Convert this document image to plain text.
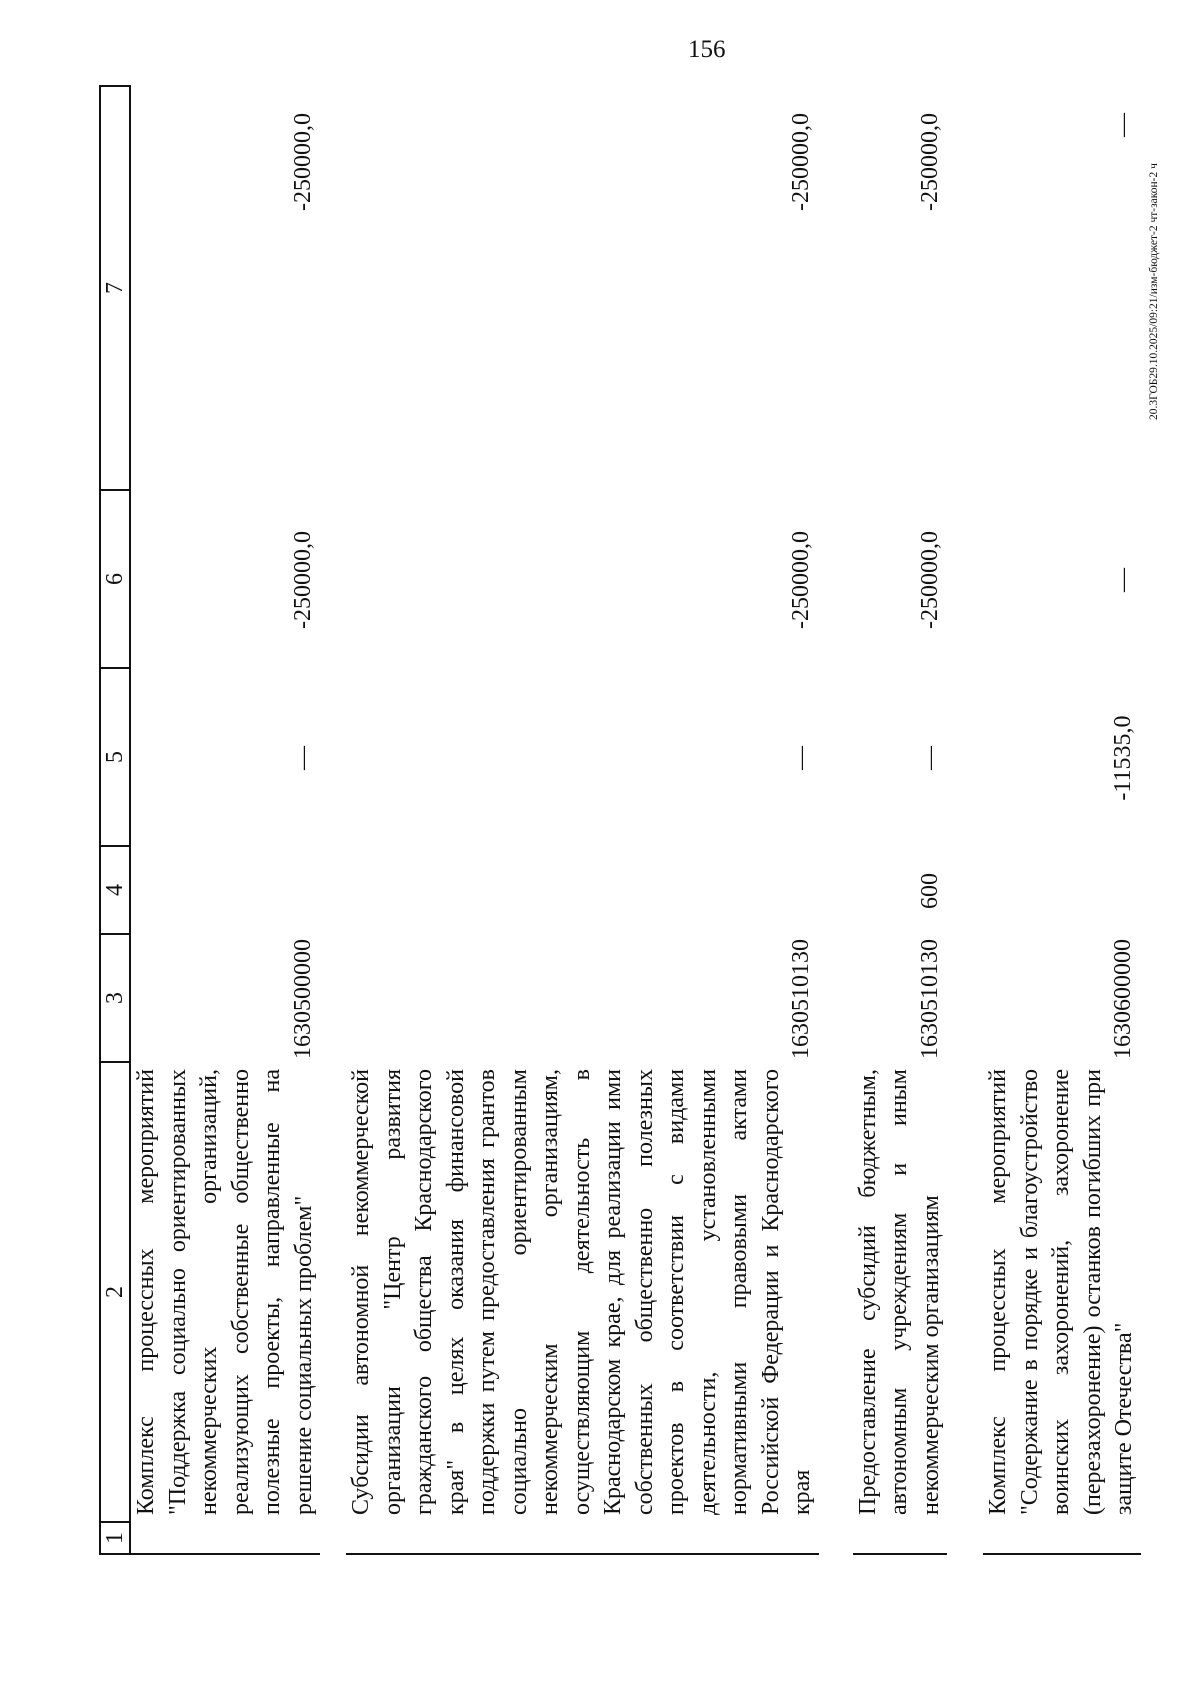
156
20.3ГОБ29.10.2025/09:21/изм-бюджет-2 чт-закон-2 ч
1
2
3
4
5
6
7
Комплекс процессных мероприятий "Поддержка социально ориентированных некоммерческих организаций, реализующих собственные общественно полезные проекты, направленные на решение социальных проблем"
1630500000
—
-250000,0
-250000,0
Субсидии автономной некоммерческой организации "Центр развития гражданского общества Краснодарского края" в целях оказания финансовой поддержки путем предоставления грантов социально ориентированным некоммерческим организациям, осуществляющим деятельность в Краснодарском крае, для реализации ими собственных общественно полезных проектов в соответствии с видами деятельности, установленными нормативными правовыми актами Российской Федерации и Краснодарского края
1630510130
—
-250000,0
-250000,0
Предоставление субсидий бюджетным, автономным учреждениям и иным некоммерческим организациям
1630510130
600
—
-250000,0
-250000,0
Комплекс процессных мероприятий "Содержание в порядке и благоустройство воинских захоронений, захоронение (перезахоронение) останков погибших при защите Отечества"
1630600000
-11535,0
—
—
